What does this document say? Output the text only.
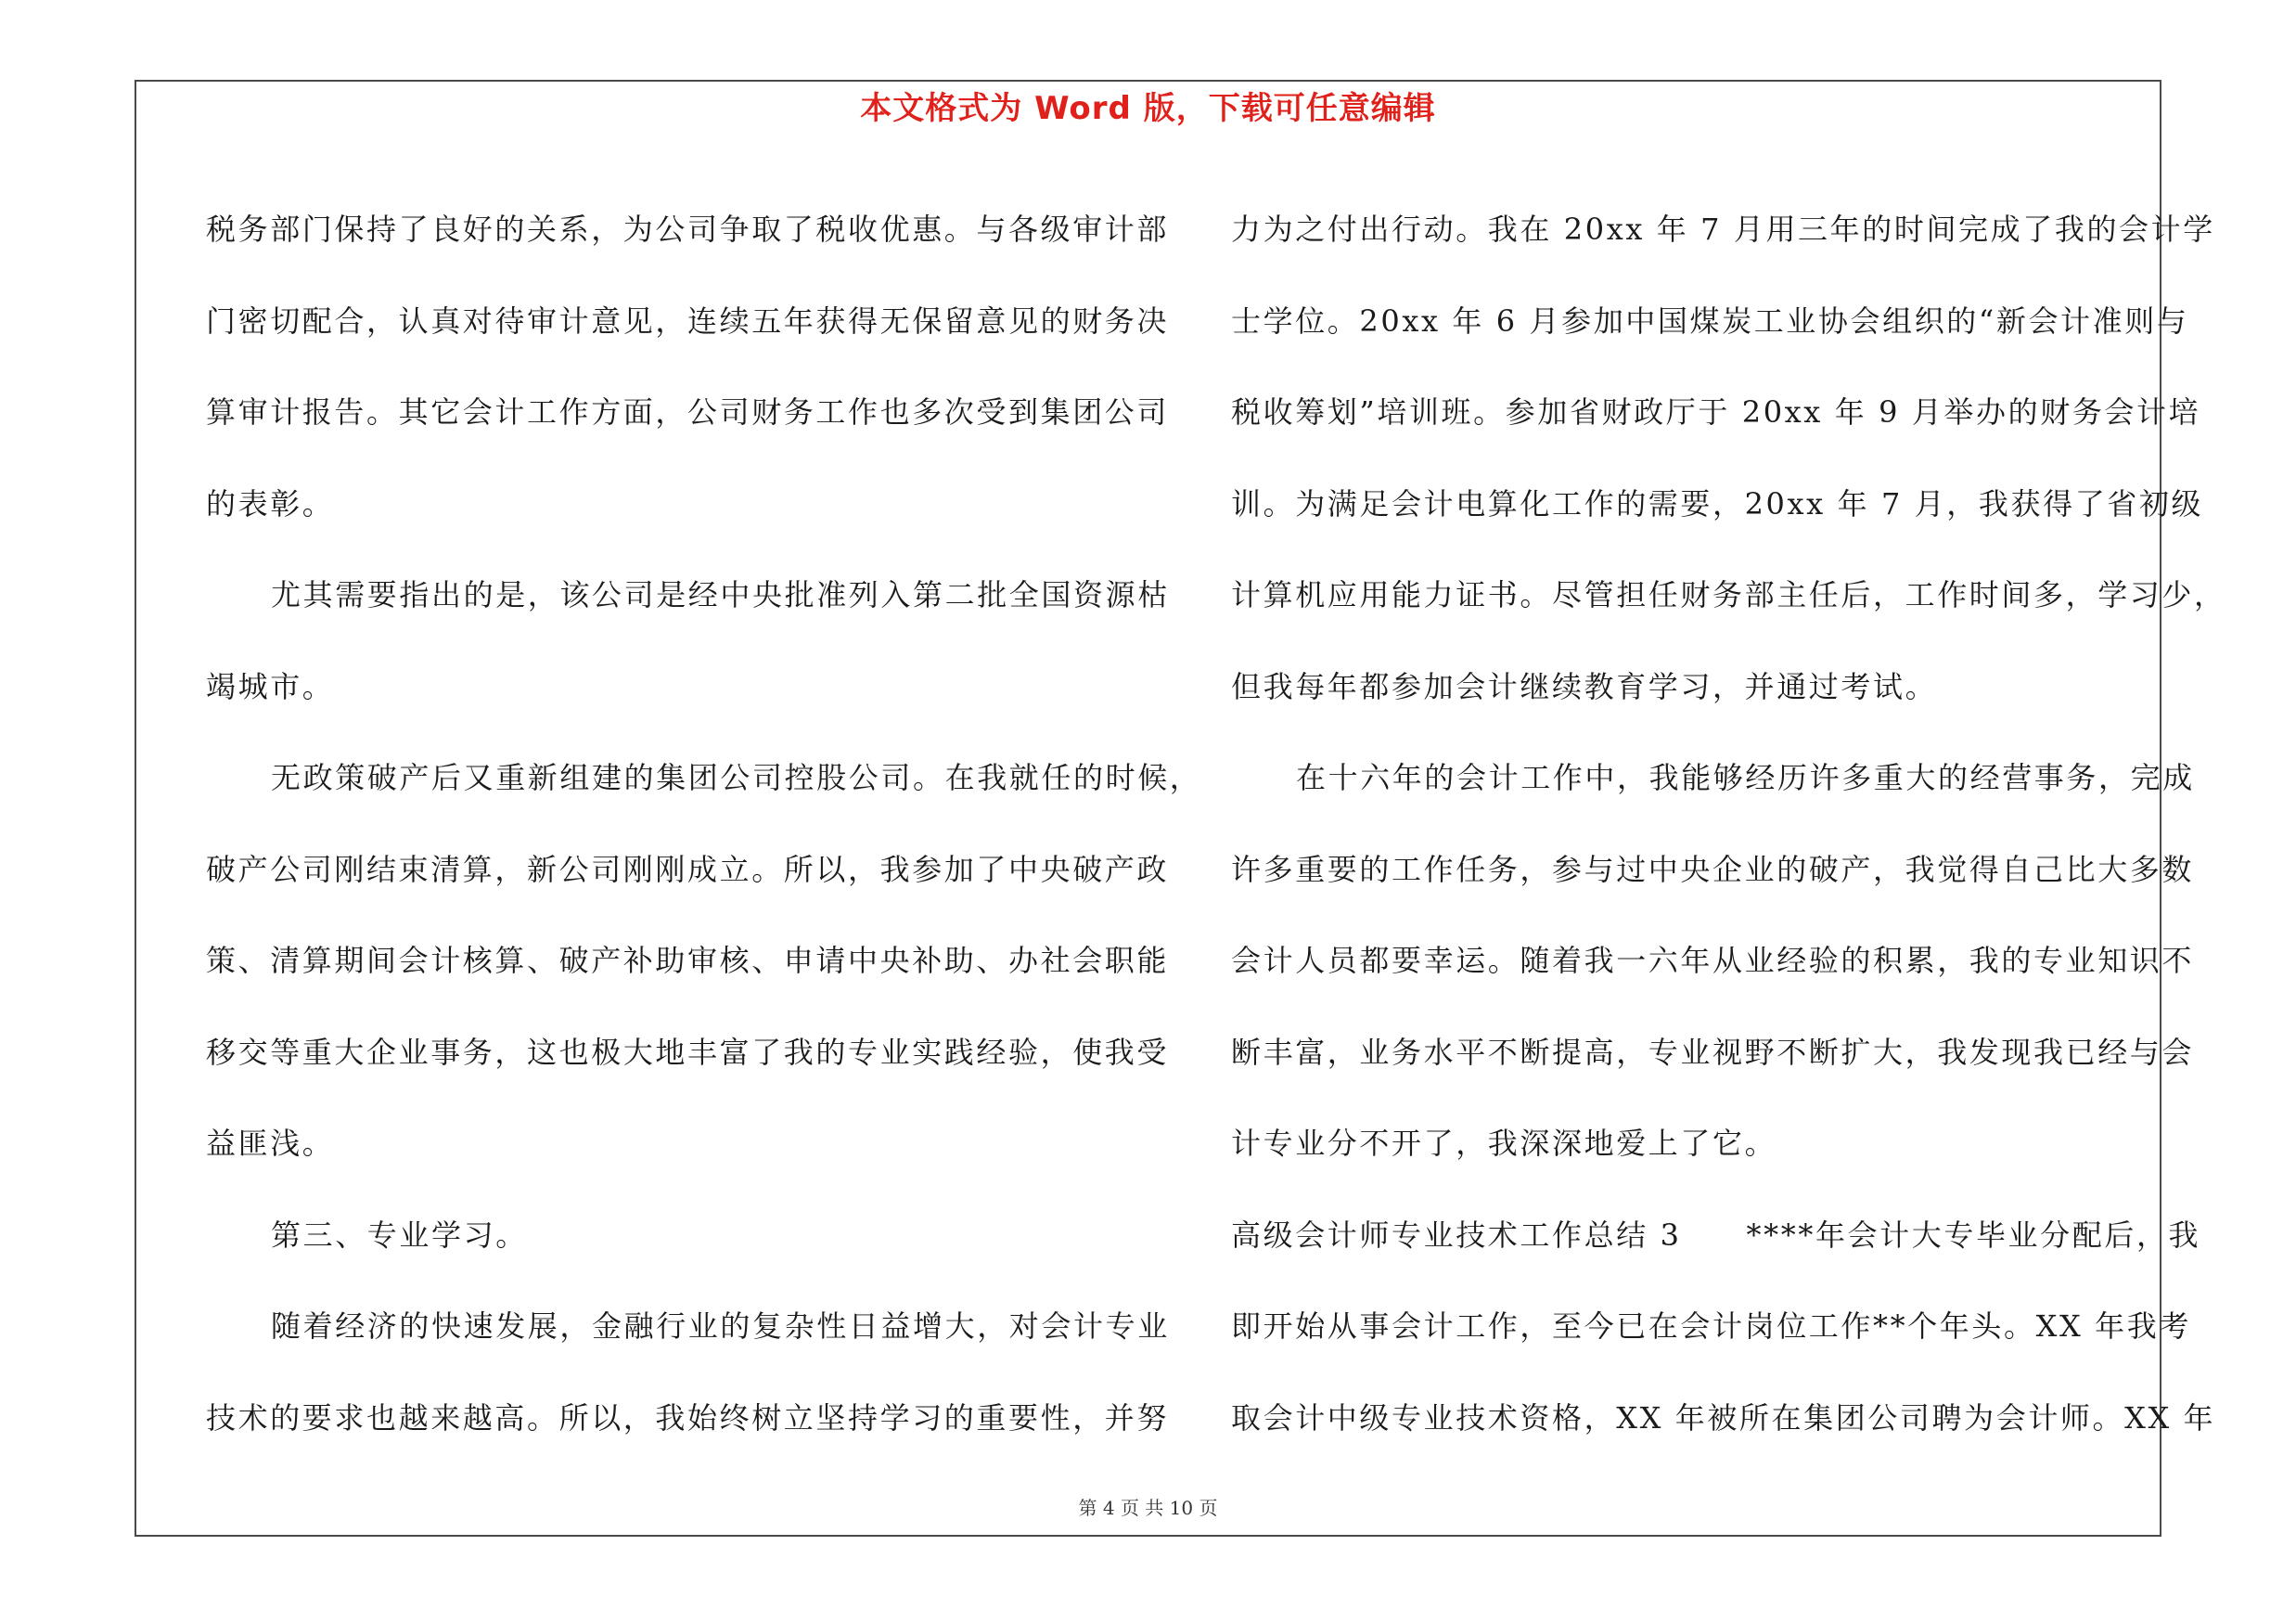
本文格式为 Word 版，下载可任意编辑

税务部门保持了良好的关系，为公司争取了税收优惠。与各级审计部
门密切配合，认真对待审计意见，连续五年获得无保留意见的财务决
算审计报告。其它会计工作方面，公司财务工作也多次受到集团公司
的表彰。

尤其需要指出的是，该公司是经中央批准列入第二批全国资源枯
竭城市。

无政策破产后又重新组建的集团公司控股公司。在我就任的时候，
破产公司刚结束清算，新公司刚刚成立。所以，我参加了中央破产政
策、清算期间会计核算、破产补助审核、申请中央补助、办社会职能
移交等重大企业事务，这也极大地丰富了我的专业实践经验，使我受
益匪浅。

第三、专业学习。

随着经济的快速发展，金融行业的复杂性日益增大，对会计专业
技术的要求也越来越高。所以，我始终树立坚持学习的重要性，并努

力为之付出行动。我在 20xx 年 7 月用三年的时间完成了我的会计学
士学位。20xx 年 6 月参加中国煤炭工业协会组织的“新会计准则与
税收筹划”培训班。参加省财政厅于 20xx 年 9 月举办的财务会计培
训。为满足会计电算化工作的需要，20xx 年 7 月，我获得了省初级
计算机应用能力证书。尽管担任财务部主任后，工作时间多，学习少，
但我每年都参加会计继续教育学习，并通过考试。

在十六年的会计工作中，我能够经历许多重大的经营事务，完成
许多重要的工作任务，参与过中央企业的破产，我觉得自己比大多数
会计人员都要幸运。随着我一六年从业经验的积累，我的专业知识不
断丰富，业务水平不断提高，专业视野不断扩大，我发现我已经与会
计专业分不开了，我深深地爱上了它。

高级会计师专业技术工作总结 3 ****年会计大专毕业分配后，我
即开始从事会计工作，至今已在会计岗位工作**个年头。XX 年我考
取会计中级专业技术资格，XX 年被所在集团公司聘为会计师。XX 年

第 4 页 共 10 页
